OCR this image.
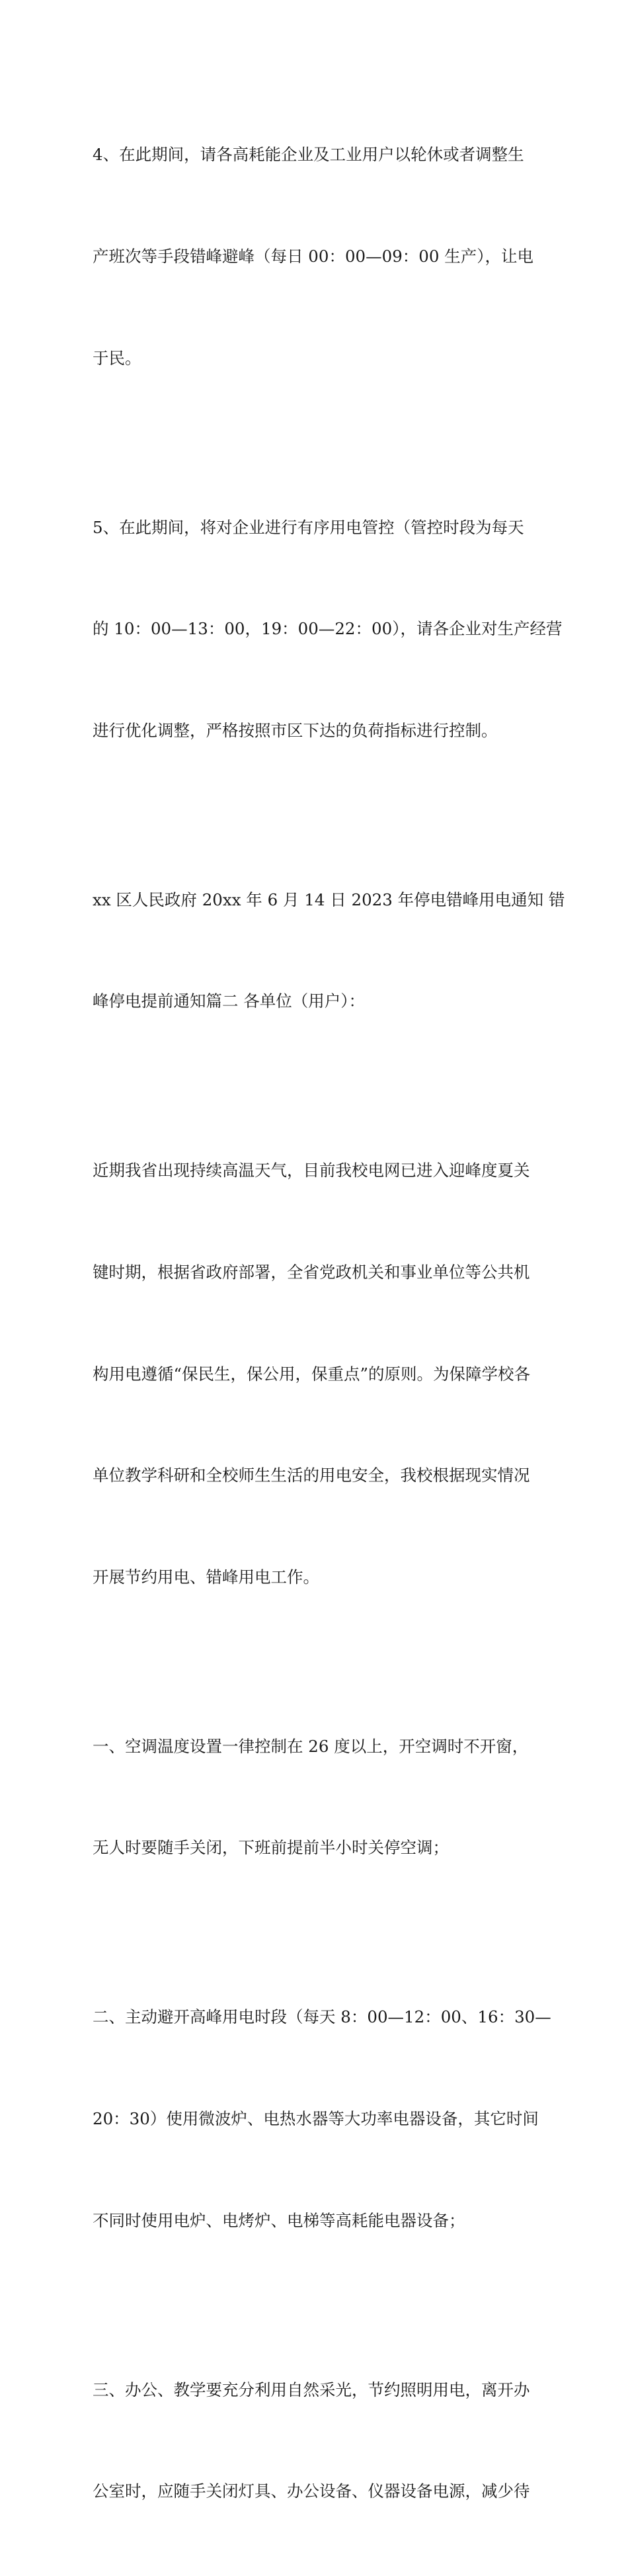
4、在此期间，请各高耗能企业及工业用户以轮休或者调整生

产班次等手段错峰避峰（每日 00：00—09：00 生产），让电

于民。

5、在此期间，将对企业进行有序用电管控（管控时段为每天

的 10：00—13：00，19：00—22：00），请各企业对生产经营

进行优化调整，严格按照市区下达的负荷指标进行控制。

xx 区人民政府 20xx 年 6 月 14 日 2023 年停电错峰用电通知 错

峰停电提前通知篇二 各单位（用户）：

近期我省出现持续高温天气，目前我校电网已进入迎峰度夏关

键时期，根据省政府部署，全省党政机关和事业单位等公共机

构用电遵循“保民生，保公用，保重点”的原则。为保障学校各

单位教学科研和全校师生生活的用电安全，我校根据现实情况

开展节约用电、错峰用电工作。

一、空调温度设置一律控制在 26 度以上，开空调时不开窗，

无人时要随手关闭，下班前提前半小时关停空调；

二、主动避开高峰用电时段（每天 8：00—12：00、16：30—

20：30）使用微波炉、电热水器等大功率电器设备，其它时间

不同时使用电炉、电烤炉、电梯等高耗能电器设备；

三、办公、教学要充分利用自然采光，节约照明用电，离开办

公室时，应随手关闭灯具、办公设备、仪器设备电源，减少待
